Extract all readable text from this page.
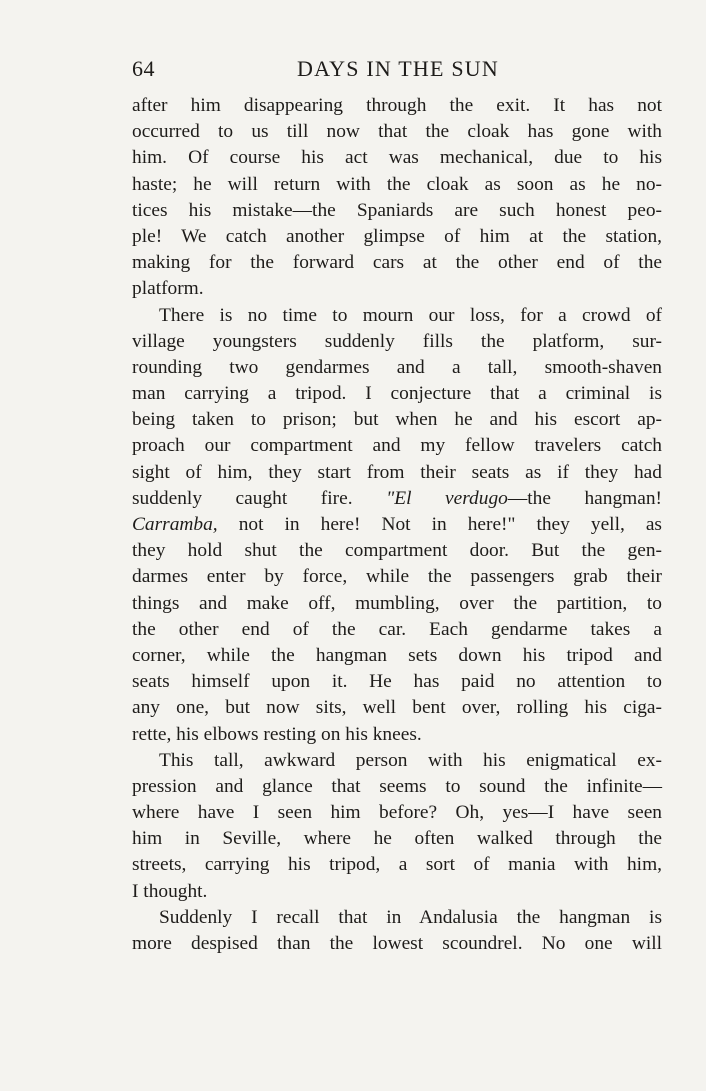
64	DAYS IN THE SUN
after him disappearing through the exit. It has not
occurred to us till now that the cloak has gone with
him. Of course his act was mechanical, due to his
haste; he will return with the cloak as soon as he no-
tices his mistake—the Spaniards are such honest peo-
ple! We catch another glimpse of him at the station,
making for the forward cars at the other end of the
platform.
There is no time to mourn our loss, for a crowd of
village youngsters suddenly fills the platform, sur-
rounding two gendarmes and a tall, smooth-shaven
man carrying a tripod. I conjecture that a criminal is
being taken to prison; but when he and his escort ap-
proach our compartment and my fellow travelers catch
sight of him, they start from their seats as if they had
suddenly caught fire. "El verdugo—the hangman!
Carramba, not in here! Not in here!" they yell, as
they hold shut the compartment door. But the gen-
darmes enter by force, while the passengers grab their
things and make off, mumbling, over the partition, to
the other end of the car. Each gendarme takes a
corner, while the hangman sets down his tripod and
seats himself upon it. He has paid no attention to
any one, but now sits, well bent over, rolling his ciga-
rette, his elbows resting on his knees.
This tall, awkward person with his enigmatical ex-
pression and glance that seems to sound the infinite—
where have I seen him before? Oh, yes—I have seen
him in Seville, where he often walked through the
streets, carrying his tripod, a sort of mania with him,
I thought.
Suddenly I recall that in Andalusia the hangman is
more despised than the lowest scoundrel. No one will
